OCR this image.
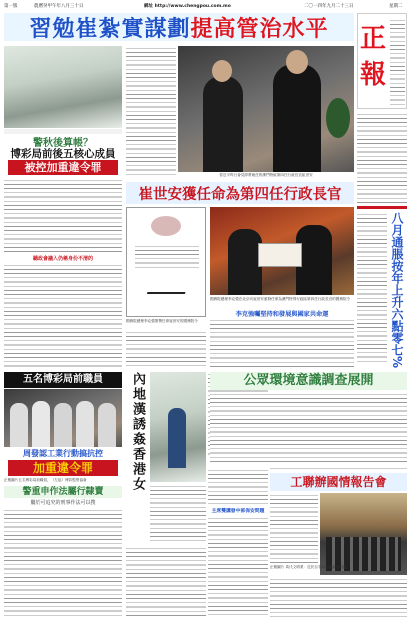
第一版	農曆癸甲午年八月三十日	網址 http://www.chengpou.com.mo	二〇一四年九月二十三日	星期二
習勉崔紮實謀劃 提高管治水平 正
報
警秋後算帳？
博彩局前後五核心成員
被控加重違令罪
聽政會議入仍稱身份不清的
習近平昨日會見即將就任的澳門特區第四任行政長官崔世安
八月通脹按年上升六點零七%
崔世安獲任命為第四任行政長官
國務院總理李克強簽署任命崔世安的國務院令
國務院總理李克強在北京向崔世安頒發任命為澳門特別行政區第四任行政長官的國務院令
李克強囑堅持和發展與國家共命運
五名博彩局前職員
周發認工業行動搞抗控
加重違令罪
正報圖片五名博彩局前職員，（左起）博彩監察協會	內地漢誘姦香港女
主席雙講發中部保安問題
公眾環境意識調查展開
工聯辦國情報告會
正報圖片 黃氏文明業：近於百名同胞即政府回應
警重申作法屬行隸賣
屬於可追究的刑事作法可以搜
